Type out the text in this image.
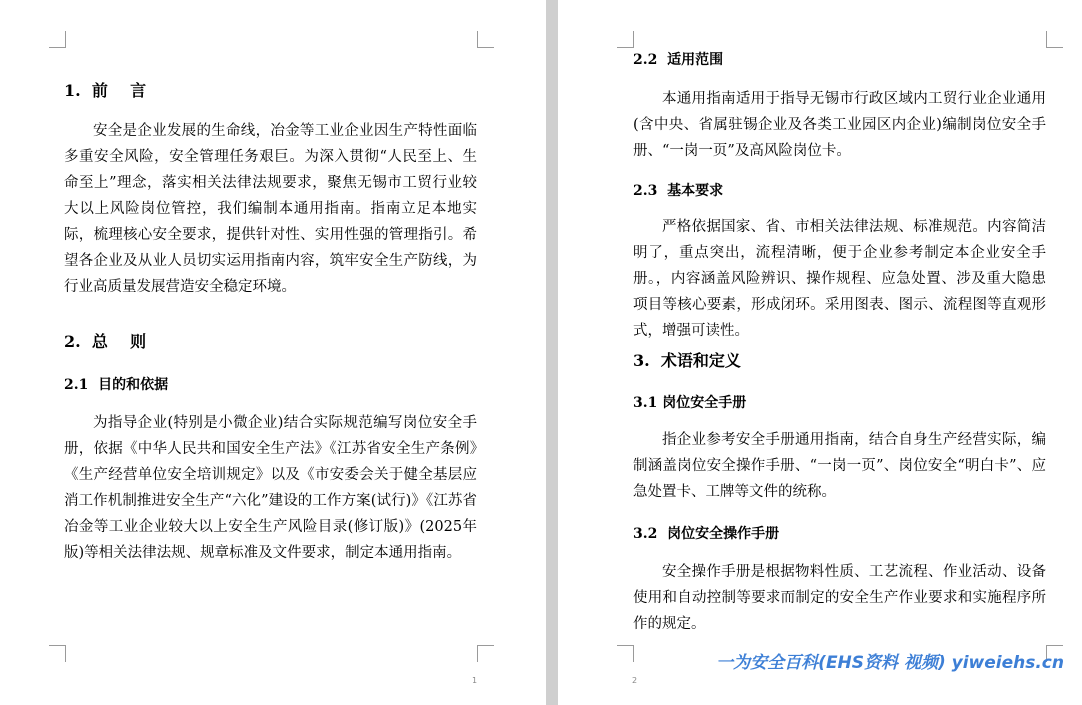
1.  前    言

安全是企业发展的生命线，冶金等工业企业因生产特性面临多重安全风险，安全管理任务艰巨。为深入贯彻“人民至上、生命至上”理念，落实相关法律法规要求，聚焦无锡市工贸行业较大以上风险岗位管控，我们编制本通用指南。指南立足本地实际，梳理核心安全要求，提供针对性、实用性强的管理指引。希望各企业及从业人员切实运用指南内容，筑牢安全生产防线，为行业高质量发展营造安全稳定环境。

2.  总    则
2.1  目的和依据

为指导企业(特别是小微企业)结合实际规范编写岗位安全手册，依据《中华人民共和国安全生产法》《江苏省安全生产条例》《生产经营单位安全培训规定》以及《市安委会关于健全基层应消工作机制推进安全生产“六化”建设的工作方案(试行)》《江苏省冶金等工业企业较大以上安全生产风险目录(修订版)》(2025年版)等相关法律法规、规章标准及文件要求，制定本通用指南。

1
2.2  适用范围

本通用指南适用于指导无锡市行政区域内工贸行业企业通用(含中央、省属驻锡企业及各类工业园区内企业)编制岗位安全手册、“一岗一页”及高风险岗位卡。

2.3  基本要求

严格依据国家、省、市相关法律法规、标准规范。内容简洁明了，重点突出，流程清晰，便于企业参考制定本企业安全手册。，内容涵盖风险辨识、操作规程、应急处置、涉及重大隐患项目等核心要素，形成闭环。采用图表、图示、流程图等直观形式，增强可读性。

3.  术语和定义
3.1 岗位安全手册

指企业参考安全手册通用指南，结合自身生产经营实际，编制涵盖岗位安全操作手册、“一岗一页”、岗位安全“明白卡”、应急处置卡、工牌等文件的统称。

3.2  岗位安全操作手册

安全操作手册是根据物料性质、工艺流程、作业活动、设备使用和自动控制等要求而制定的安全生产作业要求和实施程序所作的规定。

2
一为安全百科(EHS资料 视频) yiweiehs.cn
